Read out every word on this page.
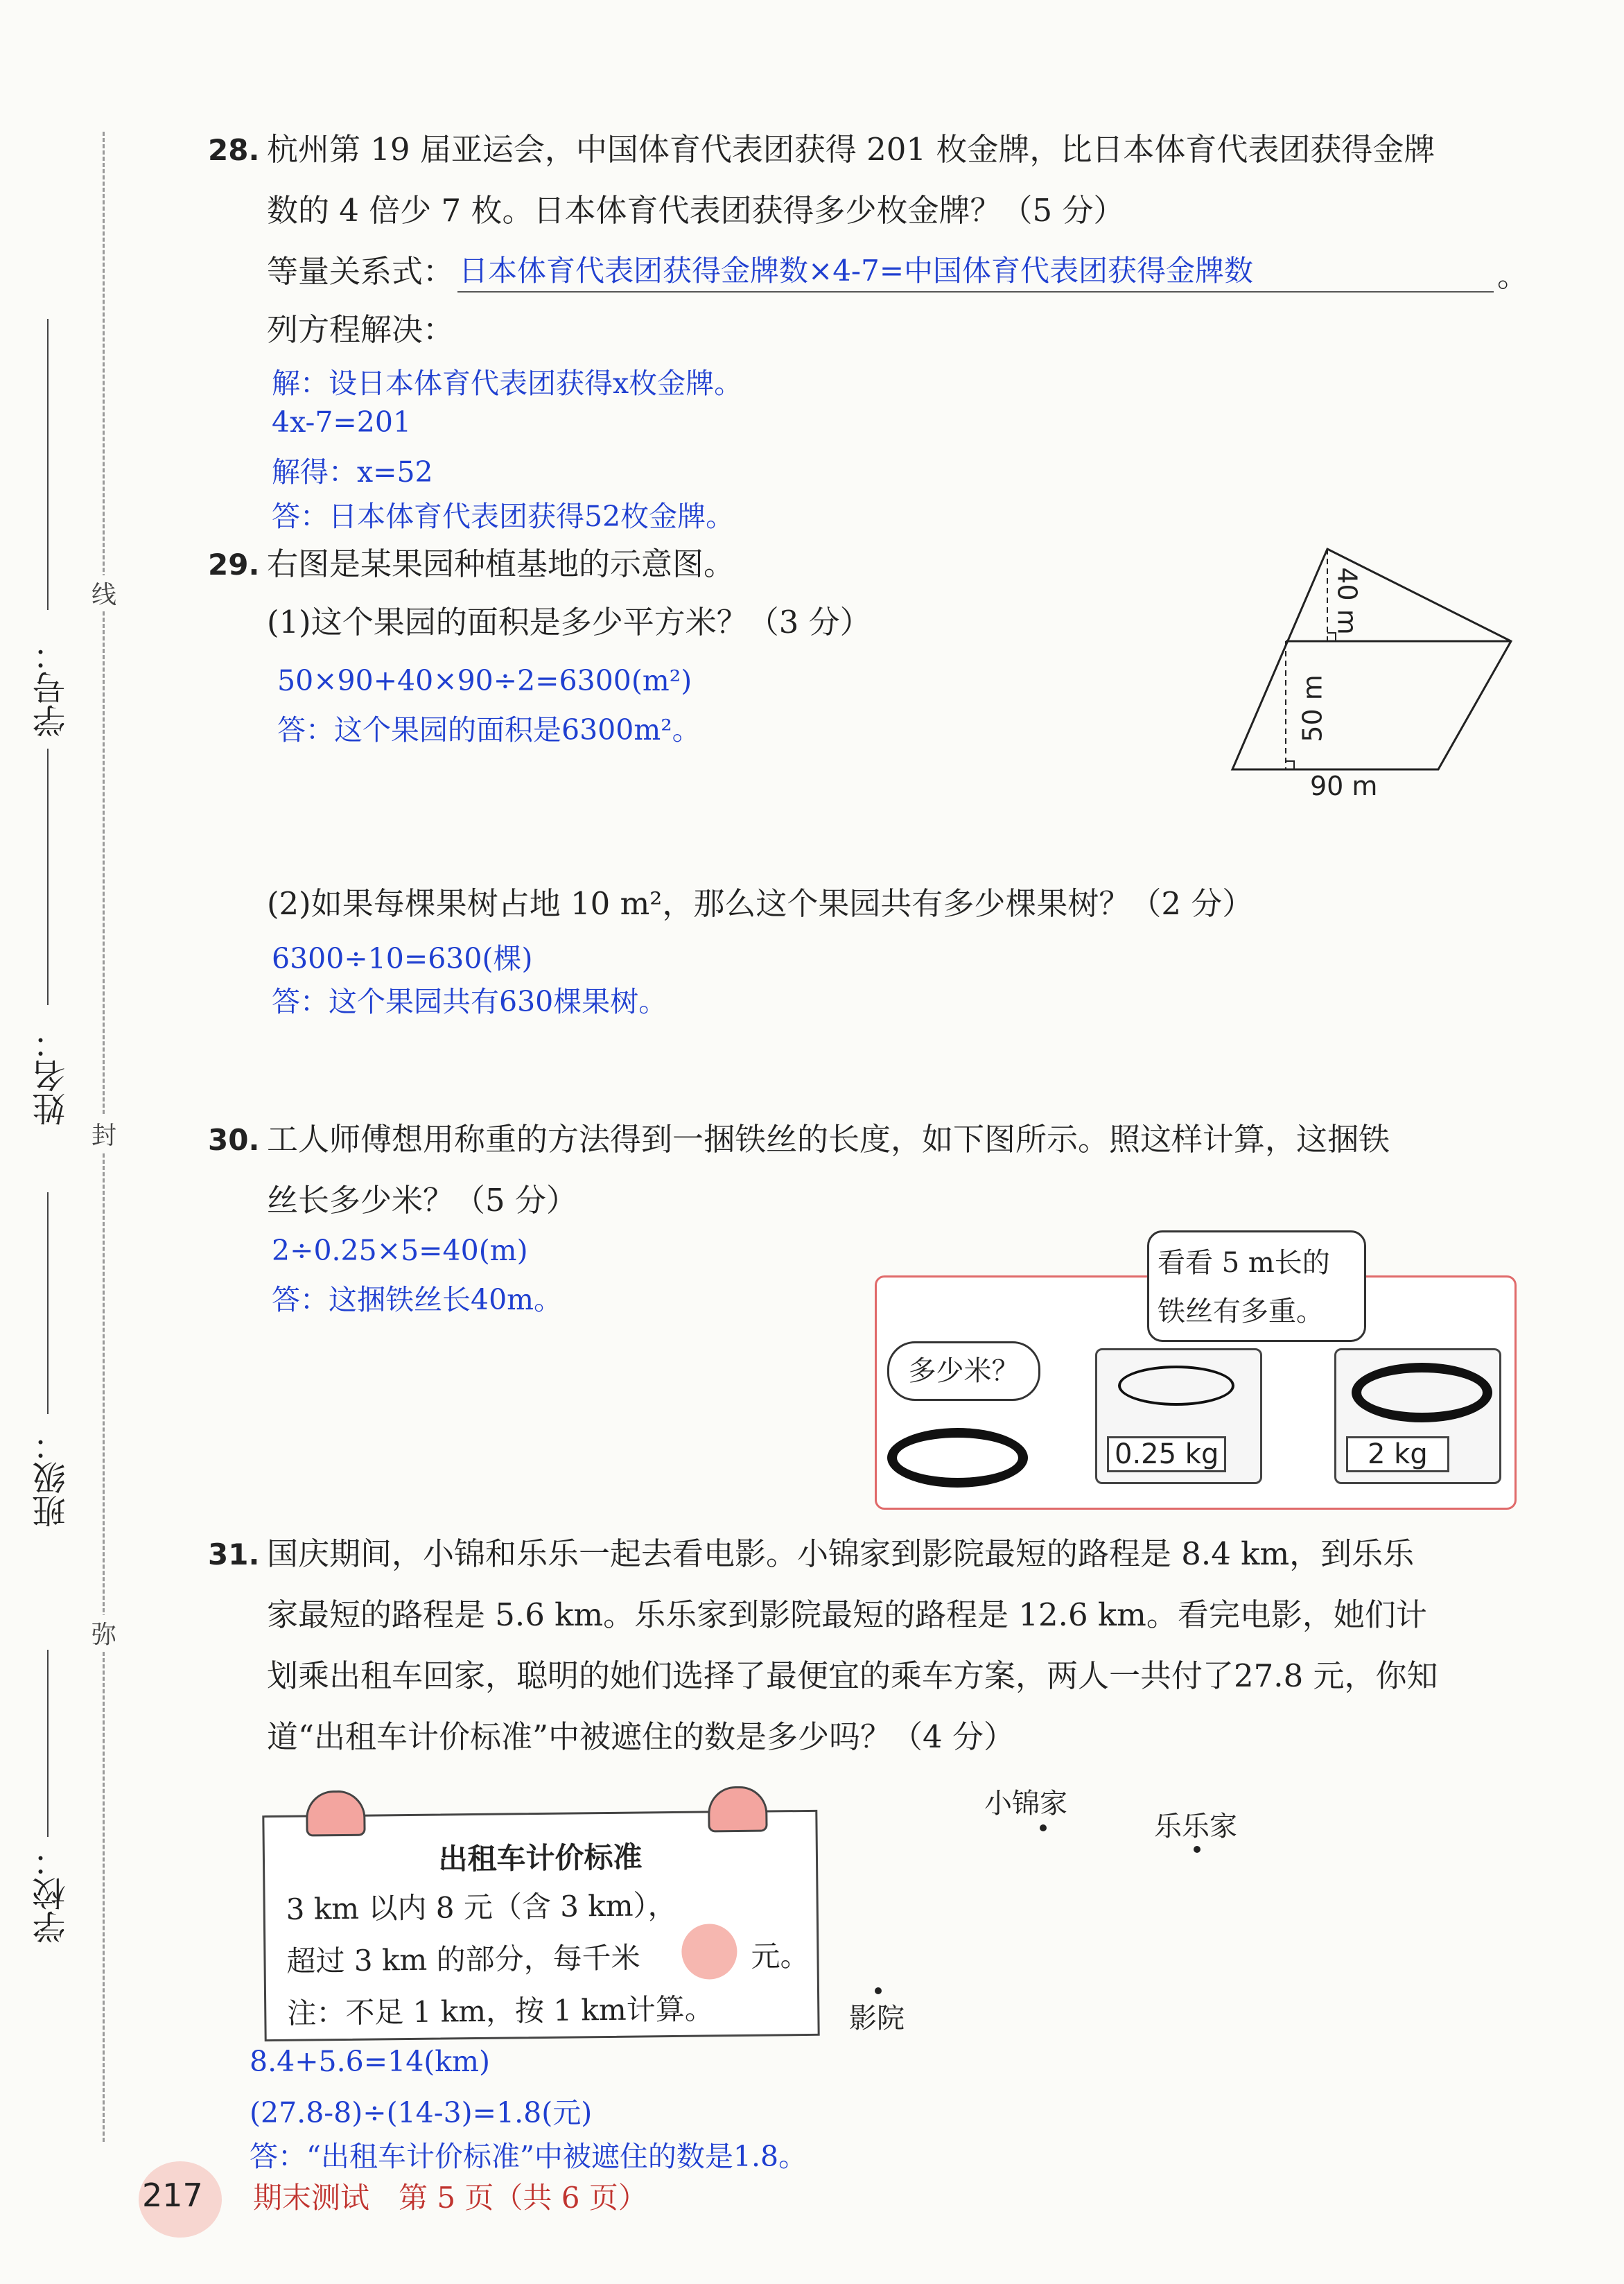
学校：
班级：
姓名：
学号：
弥
封
线
28. 杭州第 19 届亚运会，中国体育代表团获得 201 枚金牌，比日本体育代表团获得金牌
数的 4 倍少 7 枚。日本体育代表团获得多少枚金牌？（5 分）
等量关系式： 日本体育代表团获得金牌数×4-7=中国体育代表团获得金牌数	。
列方程解决：
解：设日本体育代表团获得x枚金牌。
4x-7=201
解得：x=52
答：日本体育代表团获得52枚金牌。
29. 右图是某果园种植基地的示意图。
(1)这个果园的面积是多少平方米？（3 分）
50×90+40×90÷2=6300(m²)
答：这个果园的面积是6300m²。
40 m
50 m
90 m
(2)如果每棵果树占地 10 m²，那么这个果园共有多少棵果树？（2 分）
6300÷10=630(棵)
答：这个果园共有630棵果树。
30. 工人师傅想用称重的方法得到一捆铁丝的长度，如下图所示。照这样计算，这捆铁
丝长多少米？（5 分）
2÷0.25×5=40(m)
答：这捆铁丝长40m。
看看 5 m长的
铁丝有多重。
多少米？
0.25 kg	2 kg
31. 国庆期间，小锦和乐乐一起去看电影。小锦家到影院最短的路程是 8.4 km，到乐乐
家最短的路程是 5.6 km。乐乐家到影院最短的路程是 12.6 km。看完电影，她们计
划乘出租车回家，聪明的她们选择了最便宜的乘车方案，两人一共付了27.8 元，你知
道“出租车计价标准”中被遮住的数是多少吗？（4 分）
出租车计价标准
3 km 以内 8 元（含 3 km），
超过 3 km 的部分，每千米	元。
注：不足 1 km，按 1 km计算。
小锦家
乐乐家
影院
8.4+5.6=14(km)
(27.8-8)÷(14-3)=1.8(元)
答：“出租车计价标准”中被遮住的数是1.8。
217 期末测试　第 5 页（共 6 页）
